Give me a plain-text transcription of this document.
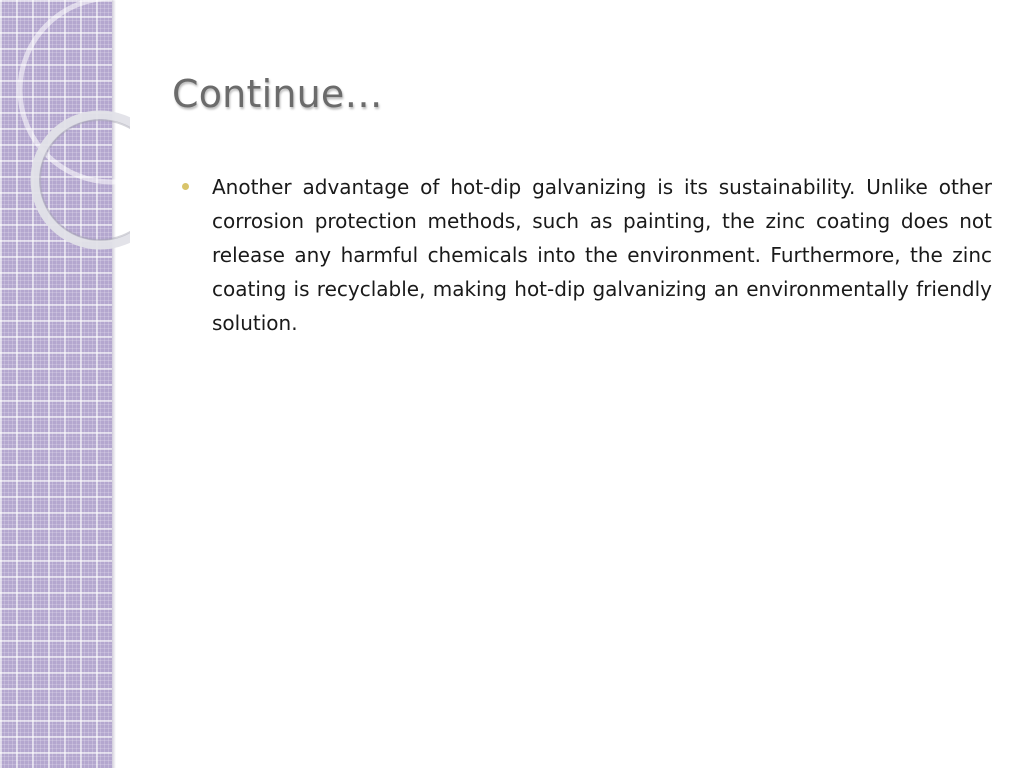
Continue…

Another advantage of hot-dip galvanizing is its sustainability. Unlike other corrosion protection methods, such as painting, the zinc coating does not release any harmful chemicals into the environment. Furthermore, the zinc coating is recyclable, making hot-dip galvanizing an environmentally friendly solution.
